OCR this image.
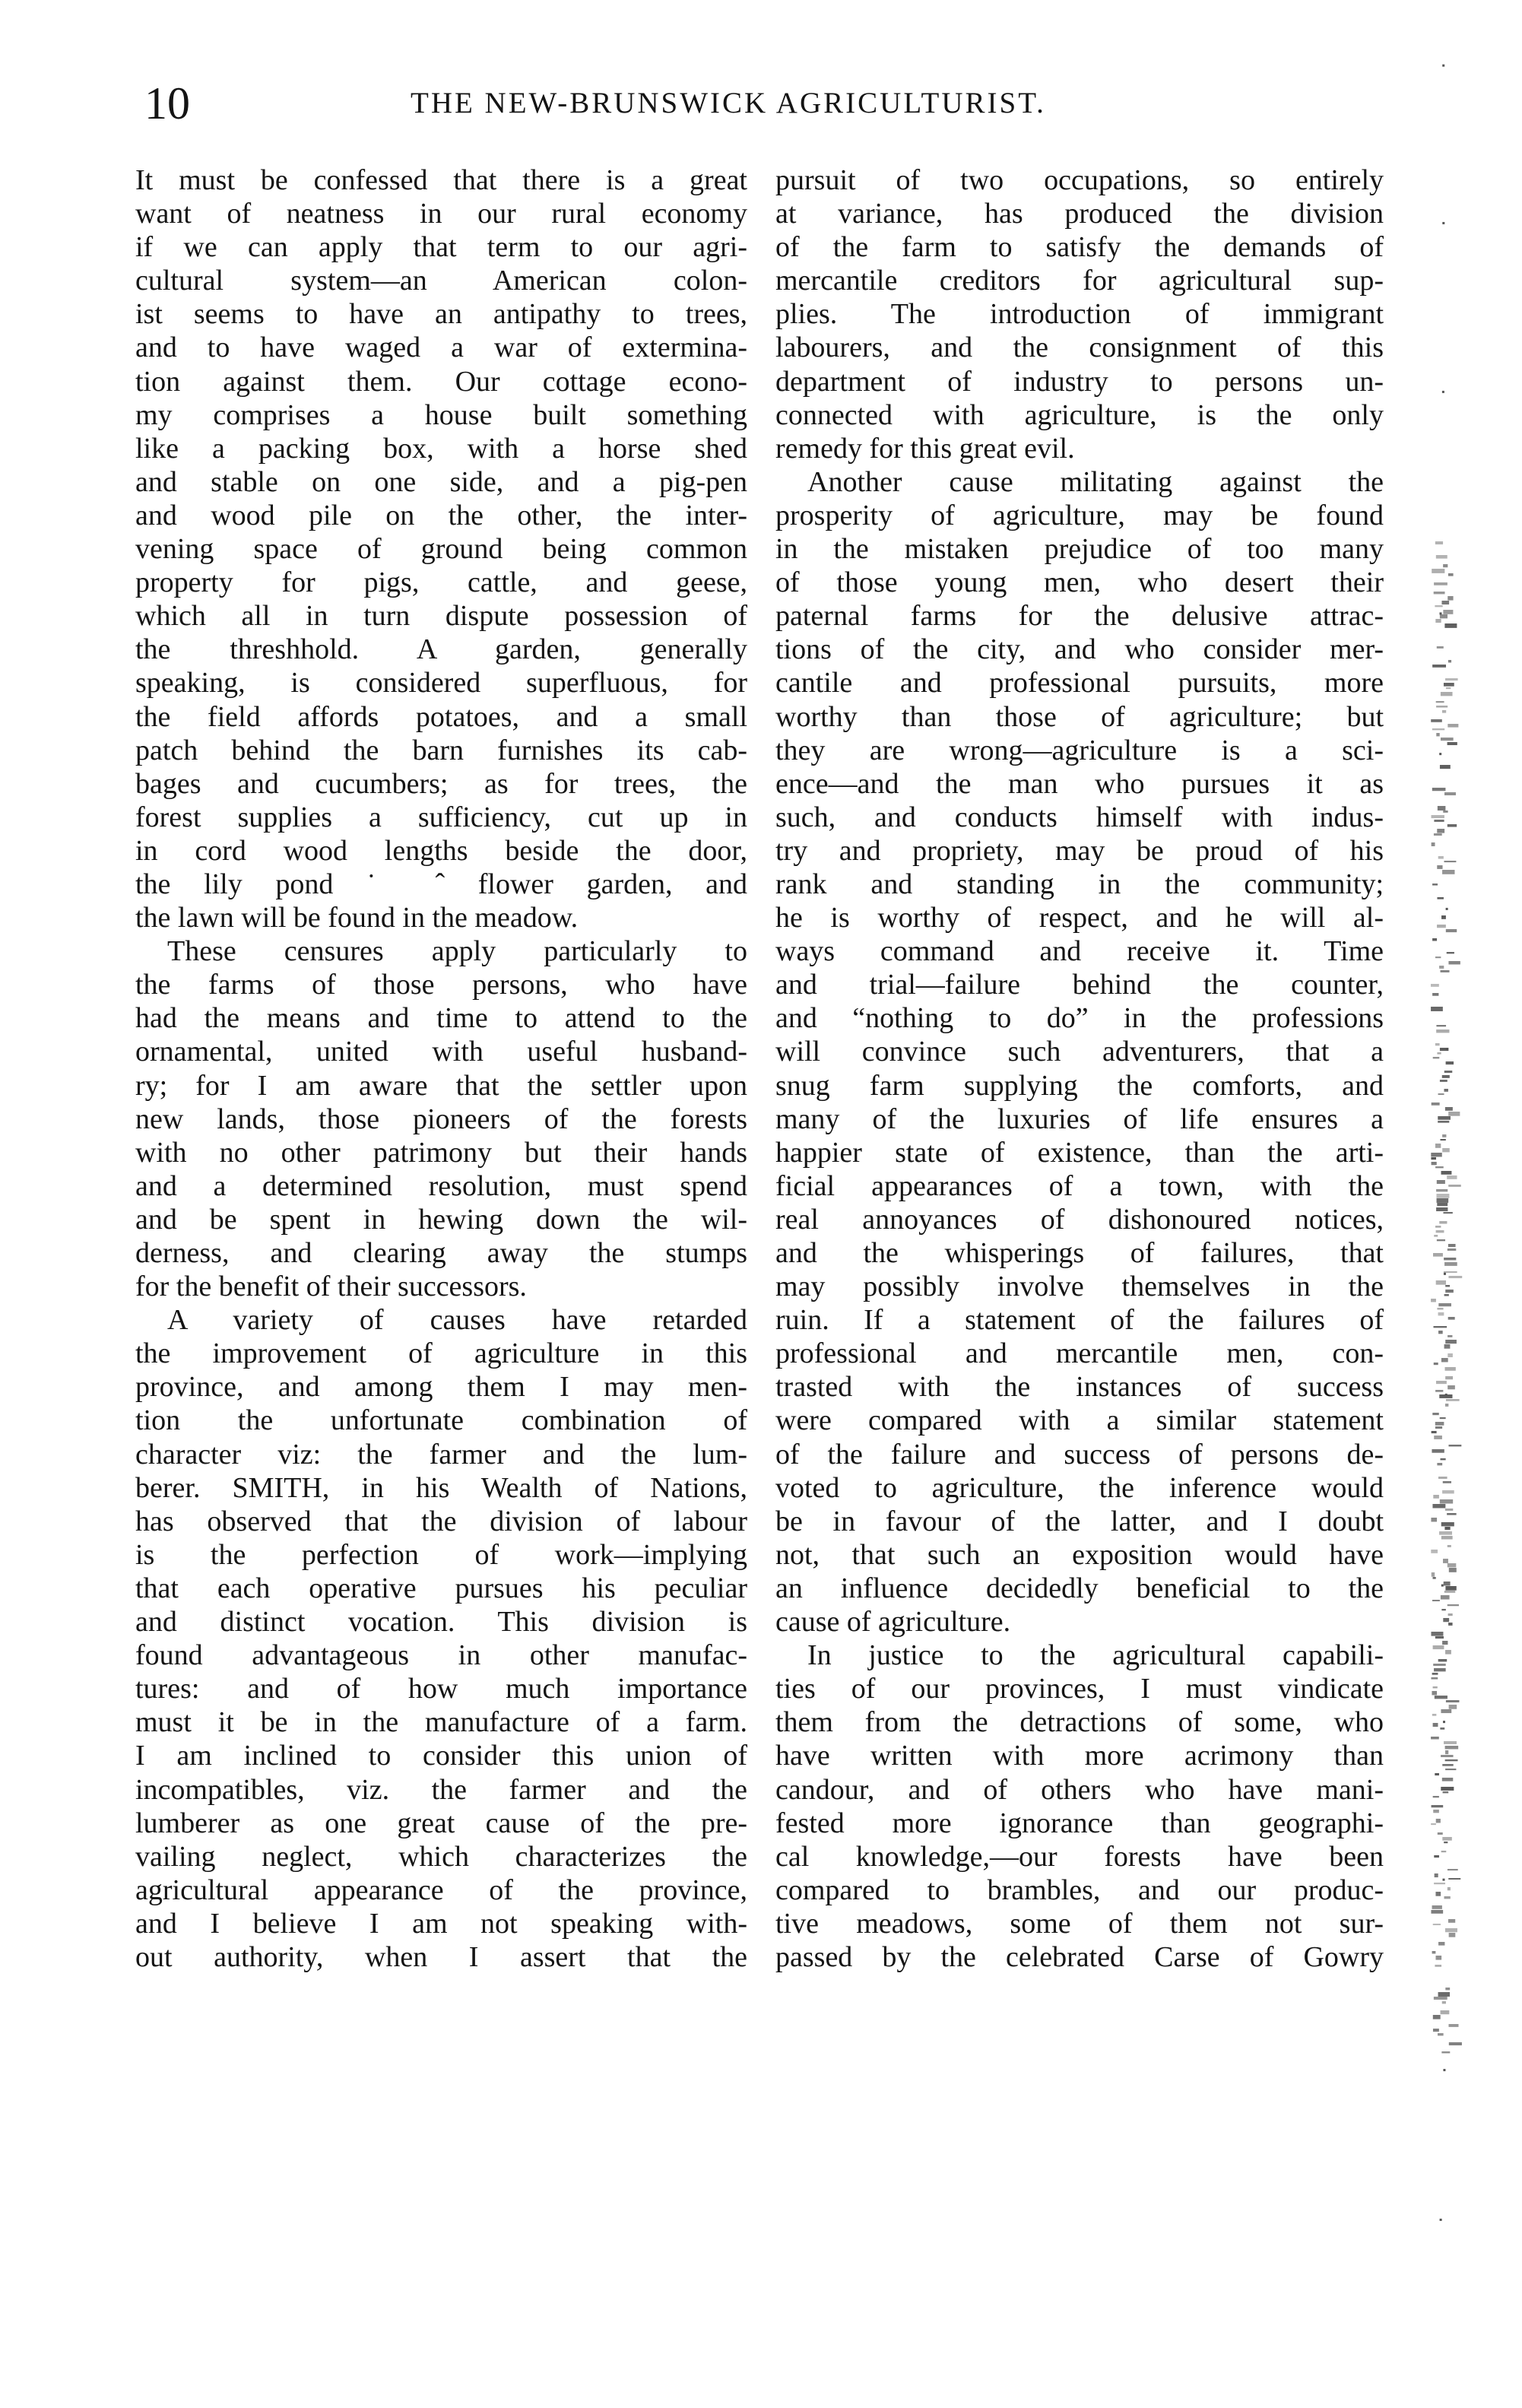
10	THE NEW-BRUNSWICK AGRICULTURIST.
It must be confessed that there is a great
want of neatness in our rural economy
if we can apply that term to our agri-
cultural system—an American colon-
ist seems to have an antipathy to trees,
and to have waged a war of extermina-
tion against them. Our cottage econo-
my comprises a house built something
like a packing box, with a horse shed
and stable on one side, and a pig-pen
and wood pile on the other, the inter-
vening space of ground being common
property for pigs, cattle, and geese,
which all in turn dispute possession of
the threshhold. A garden, generally
speaking, is considered superfluous, for
the field affords potatoes, and a small
patch behind the barn furnishes its cab-
bages and cucumbers; as for trees, the
forest supplies a sufficiency, cut up in
in cord wood lengths beside the door,
the lily pond ˙ ˆ flower garden, and
the lawn will be found in the meadow.
These censures apply particularly to
the farms of those persons, who have
had the means and time to attend to the
ornamental, united with useful husband-
ry; for I am aware that the settler upon
new lands, those pioneers of the forests
with no other patrimony but their hands
and a determined resolution, must spend
and be spent in hewing down the wil-
derness, and clearing away the stumps
for the benefit of their successors.
A variety of causes have retarded
the improvement of agriculture in this
province, and among them I may men-
tion the unfortunate combination of
character viz: the farmer and the lum-
berer. SMITH, in his Wealth of Nations,
has observed that the division of labour
is the perfection of work—implying
that each operative pursues his peculiar
and distinct vocation. This division is
found advantageous in other manufac-
tures: and of how much importance
must it be in the manufacture of a farm.
I am inclined to consider this union of
incompatibles, viz. the farmer and the
lumberer as one great cause of the pre-
vailing neglect, which characterizes the
agricultural appearance of the province,
and I believe I am not speaking with-
out authority, when I assert that the
pursuit of two occupations, so entirely
at variance, has produced the division
of the farm to satisfy the demands of
mercantile creditors for agricultural sup-
plies. The introduction of immigrant
labourers, and the consignment of this
department of industry to persons un-
connected with agriculture, is the only
remedy for this great evil.
Another cause militating against the
prosperity of agriculture, may be found
in the mistaken prejudice of too many
of those young men, who desert their
paternal farms for the delusive attrac-
tions of the city, and who consider mer-
cantile and professional pursuits, more
worthy than those of agriculture; but
they are wrong—agriculture is a sci-
ence—and the man who pursues it as
such, and conducts himself with indus-
try and propriety, may be proud of his
rank and standing in the community;
he is worthy of respect, and he will al-
ways command and receive it. Time
and trial—failure behind the counter,
and “nothing to do” in the professions
will convince such adventurers, that a
snug farm supplying the comforts, and
many of the luxuries of life ensures a
happier state of existence, than the arti-
ficial appearances of a town, with the
real annoyances of dishonoured notices,
and the whisperings of failures, that
may possibly involve themselves in the
ruin. If a statement of the failures of
professional and mercantile men, con-
trasted with the instances of success
were compared with a similar statement
of the failure and success of persons de-
voted to agriculture, the inference would
be in favour of the latter, and I doubt
not, that such an exposition would have
an influence decidedly beneficial to the
cause of agriculture.
In justice to the agricultural capabili-
ties of our provinces, I must vindicate
them from the detractions of some, who
have written with more acrimony than
candour, and of others who have mani-
fested more ignorance than geographi-
cal knowledge,—our forests have been
compared to brambles, and our produc-
tive meadows, some of them not sur-
passed by the celebrated Carse of Gowry
